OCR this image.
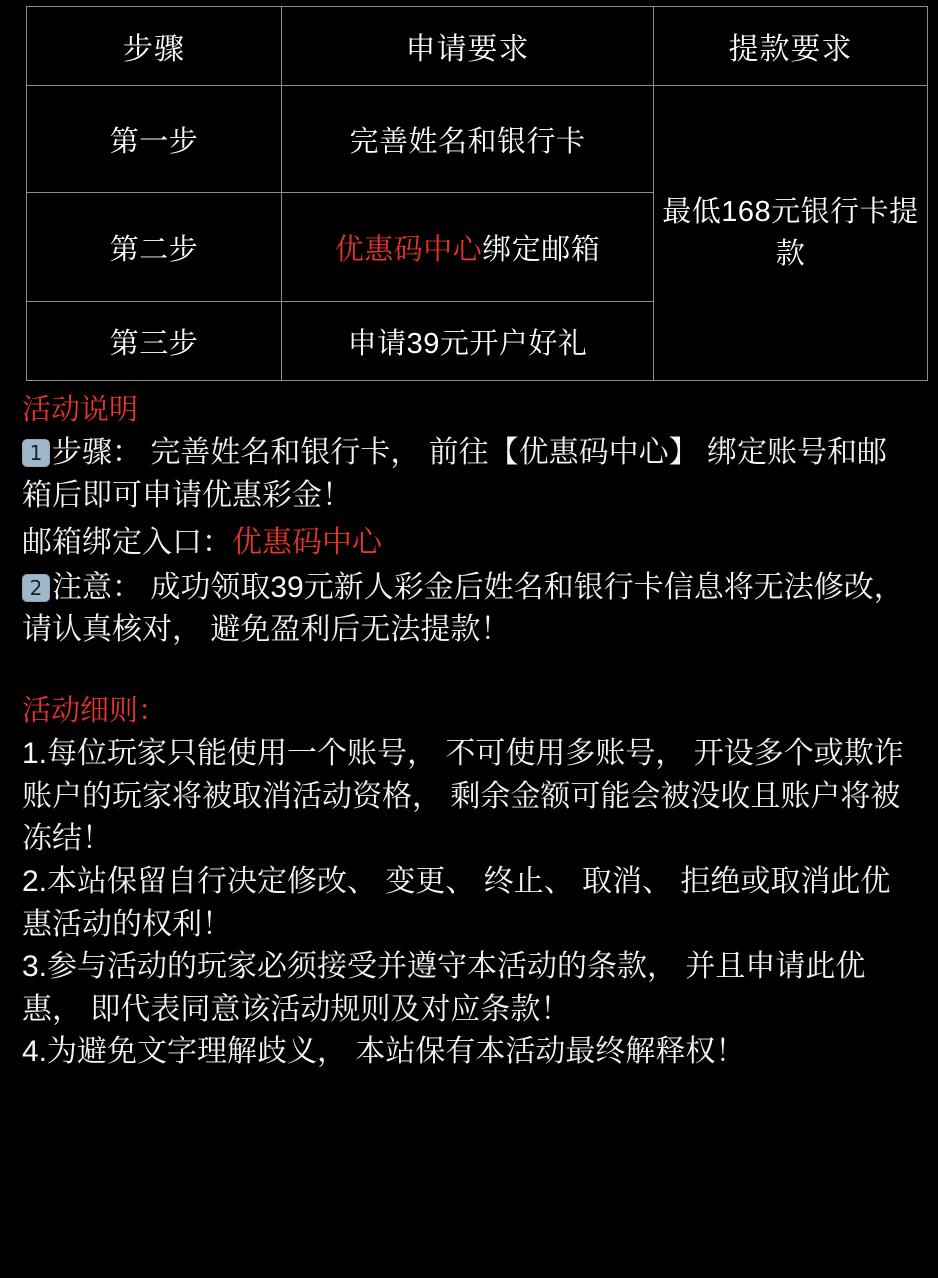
步骤	申请要求	提款要求
第一步	完善姓名和银行卡	最低168元银行卡提款
第二步	优惠码中心绑定邮箱	
第三步	申请39元开户好礼	
活动说明

1 步骤： 完善姓名和银行卡， 前往【优惠码中心】 绑定账号和邮箱后即可申请优惠彩金！

邮箱绑定入口：优惠码中心

2 注意： 成功领取39元新人彩金后姓名和银行卡信息将无法修改， 请认真核对， 避免盈利后无法提款！

活动细则：

1.每位玩家只能使用一个账号， 不可使用多账号， 开设多个或欺诈账户的玩家将被取消活动资格， 剩余金额可能会被没收且账户将被冻结！

2.本站保留自行决定修改、 变更、 终止、 取消、 拒绝或取消此优惠活动的权利！

3.参与活动的玩家必须接受并遵守本活动的条款， 并且申请此优惠， 即代表同意该活动规则及对应条款！

4.为避免文字理解歧义， 本站保有本活动最终解释权！
